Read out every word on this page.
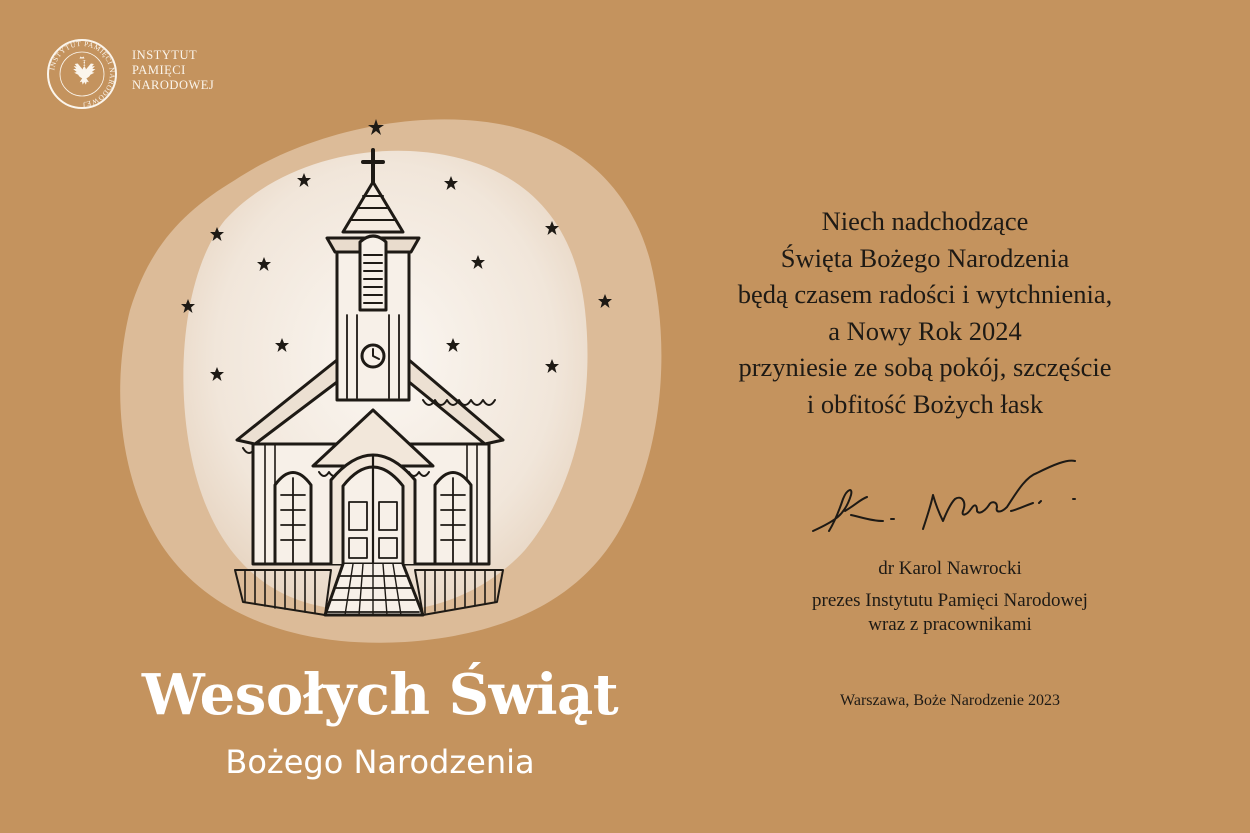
INSTYTUT PAMIĘCI NARODOWEJ
INSTYTUT
PAMIĘCI
NARODOWEJ
Wesołych Świąt
Bożego Narodzenia
Niech nadchodzące
Święta Bożego Narodzenia
będą czasem radości i wytchnienia,
a Nowy Rok 2024
przyniesie ze sobą pokój, szczęście
i obfitość Bożych łask
dr Karol Nawrocki
prezes Instytutu Pamięci Narodowej
wraz z pracownikami
Warszawa, Boże Narodzenie 2023
